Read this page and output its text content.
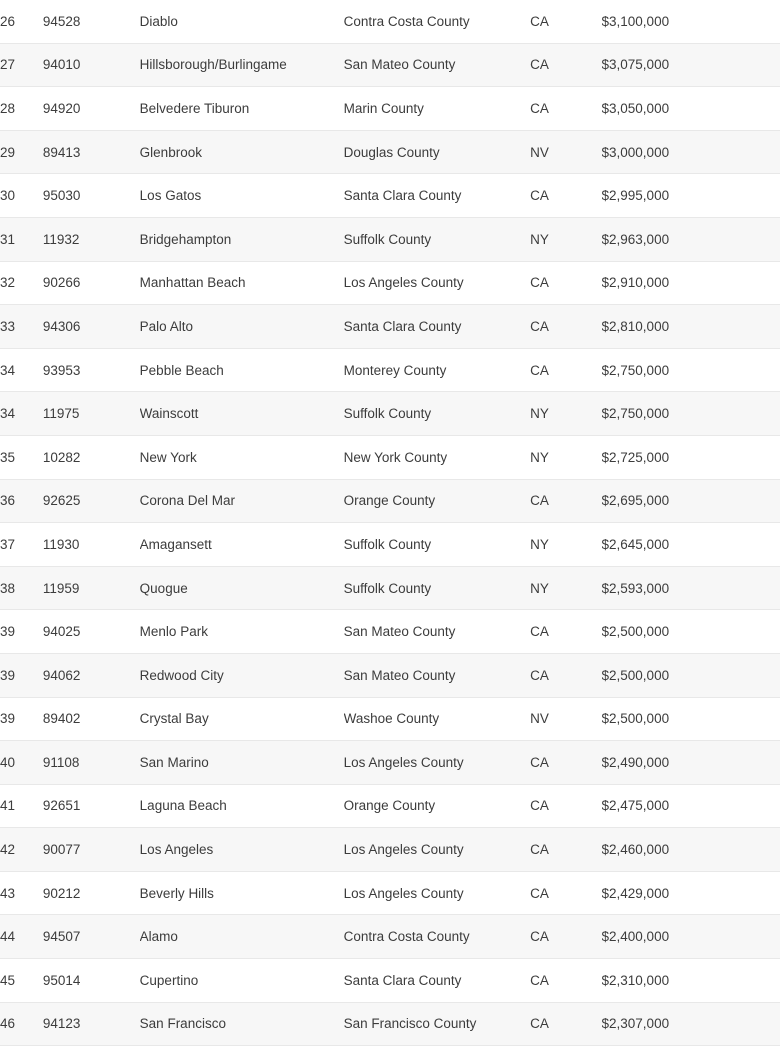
26	94528	Diablo	Contra Costa County	CA	$3,100,000
27	94010	Hillsborough/Burlingame	San Mateo County	CA	$3,075,000
28	94920	Belvedere Tiburon	Marin County	CA	$3,050,000
29	89413	Glenbrook	Douglas County	NV	$3,000,000
30	95030	Los Gatos	Santa Clara County	CA	$2,995,000
31	11932	Bridgehampton	Suffolk County	NY	$2,963,000
32	90266	Manhattan Beach	Los Angeles County	CA	$2,910,000
33	94306	Palo Alto	Santa Clara County	CA	$2,810,000
34	93953	Pebble Beach	Monterey County	CA	$2,750,000
34	11975	Wainscott	Suffolk County	NY	$2,750,000
35	10282	New York	New York County	NY	$2,725,000
36	92625	Corona Del Mar	Orange County	CA	$2,695,000
37	11930	Amagansett	Suffolk County	NY	$2,645,000
38	11959	Quogue	Suffolk County	NY	$2,593,000
39	94025	Menlo Park	San Mateo County	CA	$2,500,000
39	94062	Redwood City	San Mateo County	CA	$2,500,000
39	89402	Crystal Bay	Washoe County	NV	$2,500,000
40	91108	San Marino	Los Angeles County	CA	$2,490,000
41	92651	Laguna Beach	Orange County	CA	$2,475,000
42	90077	Los Angeles	Los Angeles County	CA	$2,460,000
43	90212	Beverly Hills	Los Angeles County	CA	$2,429,000
44	94507	Alamo	Contra Costa County	CA	$2,400,000
45	95014	Cupertino	Santa Clara County	CA	$2,310,000
46	94123	San Francisco	San Francisco County	CA	$2,307,000
